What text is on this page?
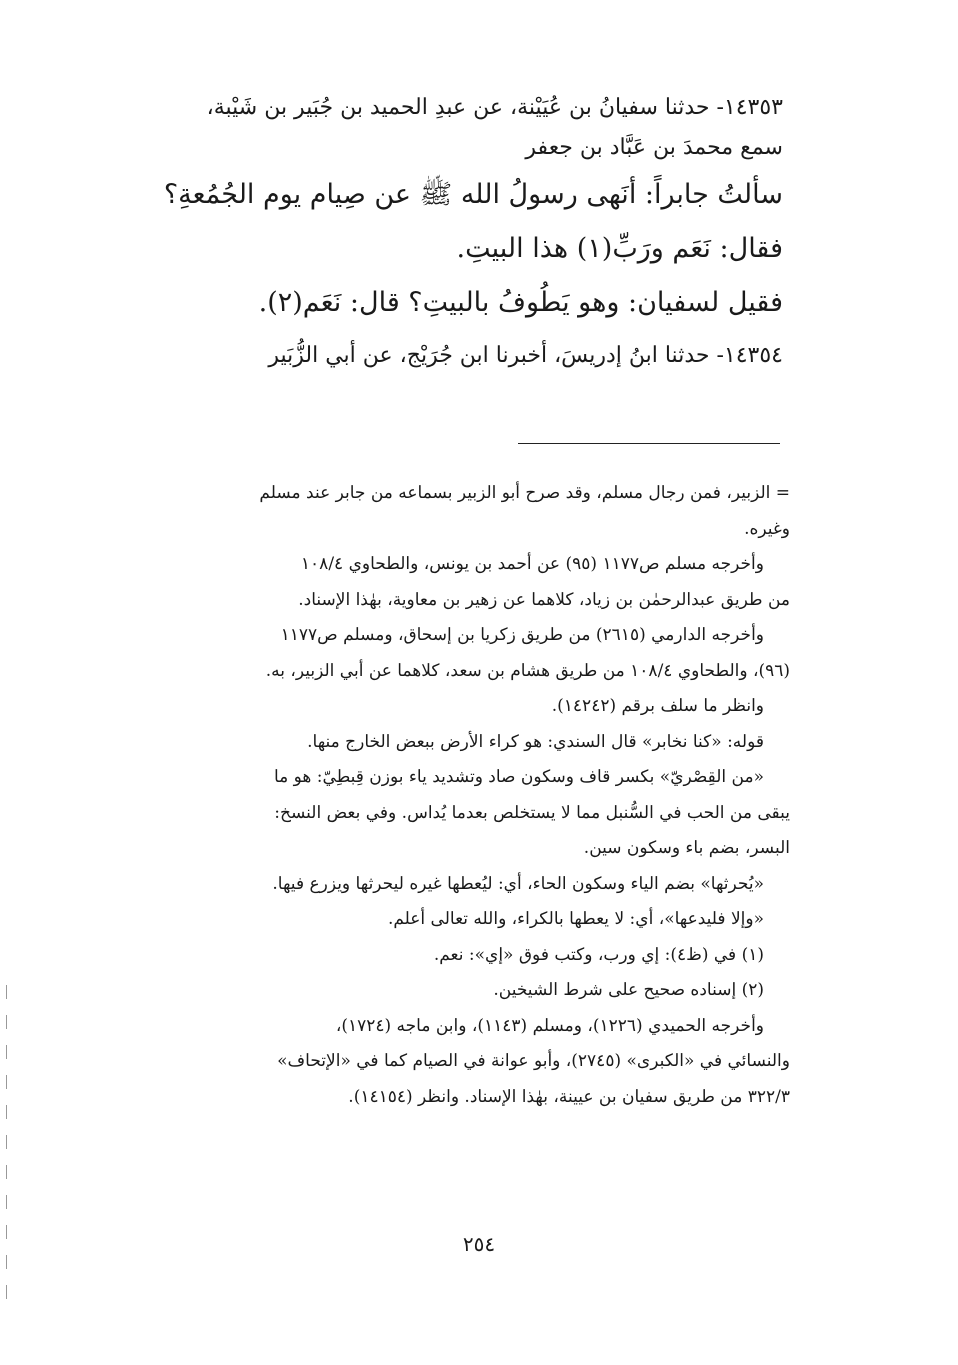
١٤٣٥٣- حدثنا سفيانُ بن عُيَيْنة، عن عبدِ الحميد بن جُبَير بن شَيْبة،

سمع محمدَ بن عَبَّاد بن جعفر

سألتُ جابراً: أنَهى رسولُ الله ﷺ عن صِيام يوم الجُمُعةِ؟

فقال: نَعَم ورَبِّ(١) هذا البيتِ.

فقيل لسفيان: وهو يَطُوفُ بالبيتِ؟ قال: نَعَم(٢).

١٤٣٥٤- حدثنا ابنُ إدريسَ، أخبرنا ابن جُرَيْج، عن أبي الزُّبَير

= الزبير، فمن رجال مسلم، وقد صرح أبو الزبير بسماعه من جابر عند مسلم

وغيره.

وأخرجه مسلم ص١١٧٧ (٩٥) عن أحمد بن يونس، والطحاوي ١٠٨/٤

من طريق عبدالرحمٰن بن زياد، كلاهما عن زهير بن معاوية، بهٰذا الإسناد.

وأخرجه الدارمي (٢٦١٥) من طريق زكريا بن إسحاق، ومسلم ص١١٧٧

(٩٦)، والطحاوي ١٠٨/٤ من طريق هشام بن سعد، كلاهما عن أبي الزبير، به.

وانظر ما سلف برقم (١٤٢٤٢).

قوله: «كنا نخابر» قال السندي: هو كراء الأرض ببعض الخارج منها.

«من القِصْريّ» بكسر قاف وسكون صاد وتشديد ياء بوزن قِبطِيّ: هو ما

يبقى من الحب في السُّنبل مما لا يستخلص بعدما يُداس. وفي بعض النسخ:

البسر، بضم باء وسكون سين.

«يُحرثها» بضم الياء وسكون الحاء، أي: ليُعطها غيره ليحرثها ويزرع فيها.

«وإلا فليدعها»، أي: لا يعطها بالكراء، والله تعالى أعلم.

(١) في (ظ٤): إي ورب، وكتب فوق «إي»: نعم.

(٢) إسناده صحيح على شرط الشيخين.

وأخرجه الحميدي (١٢٢٦)، ومسلم (١١٤٣)، وابن ماجه (١٧٢٤)،

والنسائي في «الكبرى» (٢٧٤٥)، وأبو عوانة في الصيام كما في «الإتحاف»

٣٢٢/٣ من طريق سفيان بن عيينة، بهٰذا الإسناد. وانظر (١٤١٥٤).

٢٥٤
